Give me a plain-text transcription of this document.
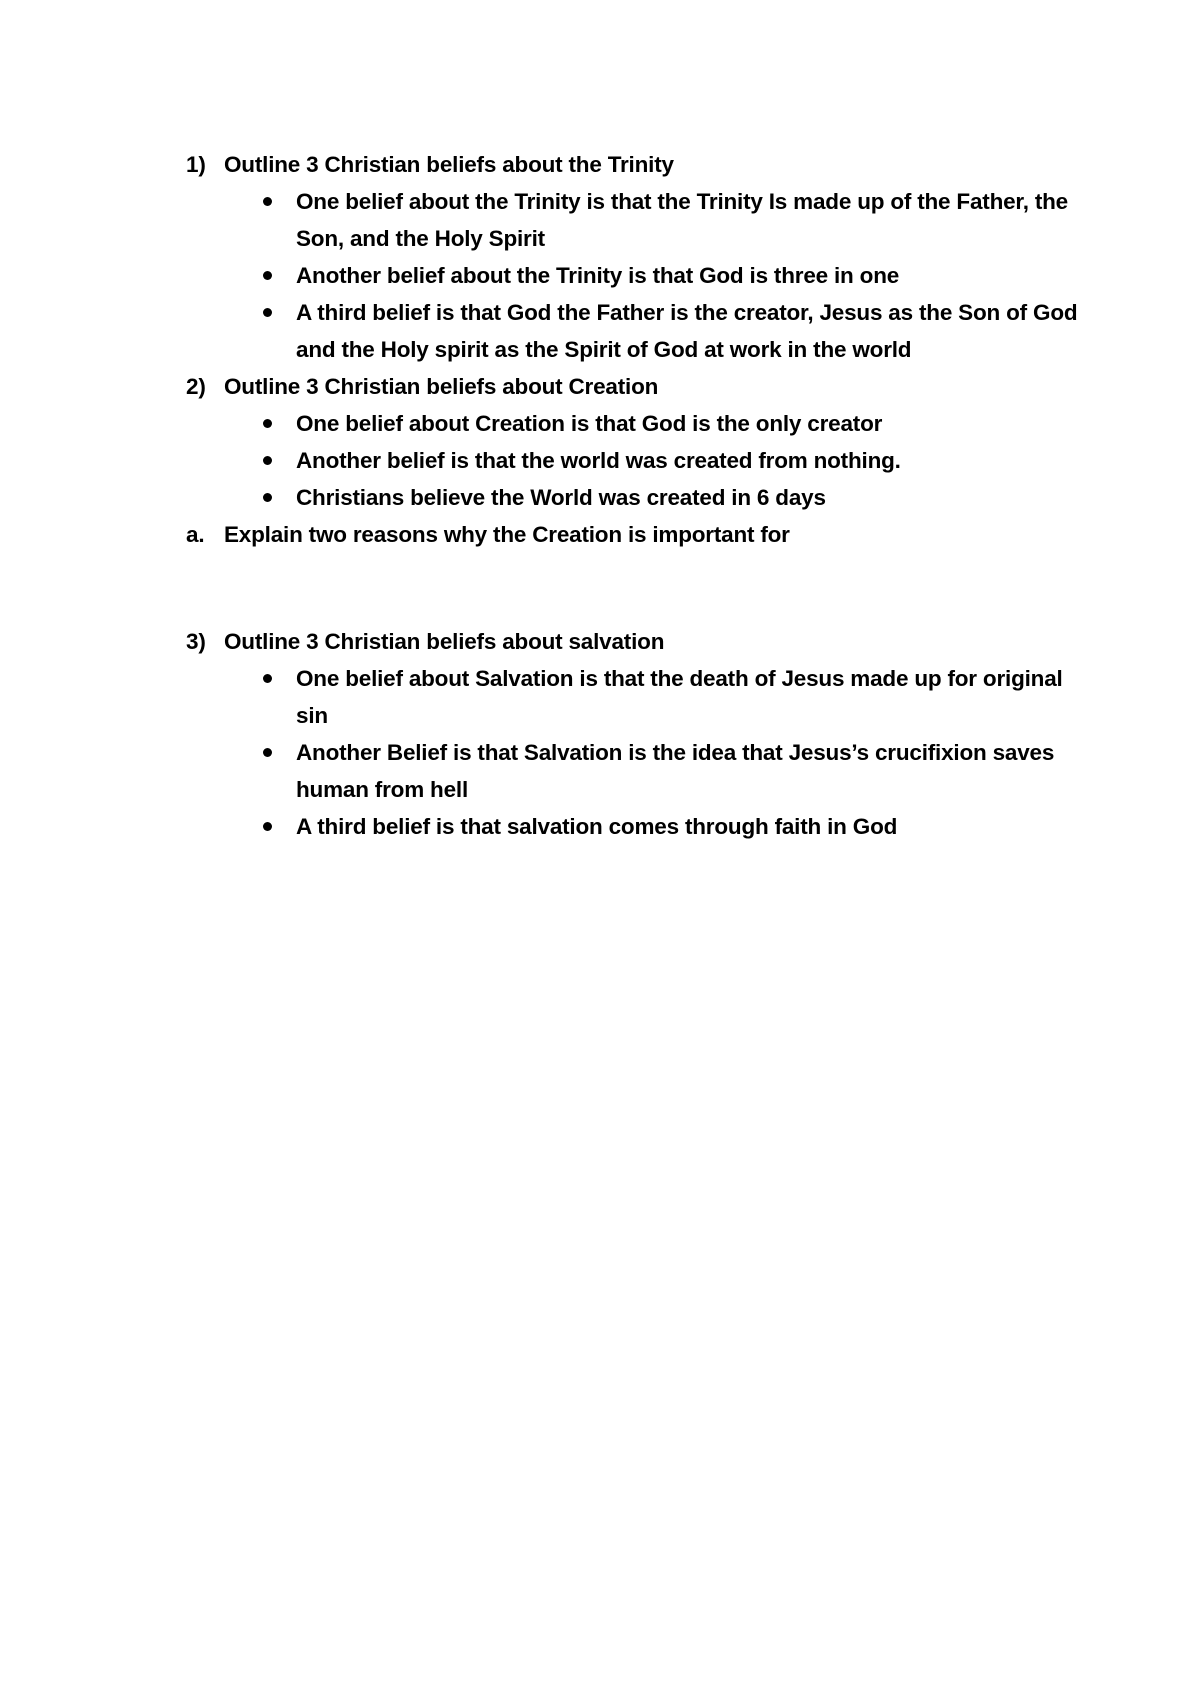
1) Outline 3 Christian beliefs about the Trinity
One belief about the Trinity is that the Trinity Is made up of the Father, the Son, and the Holy Spirit
Another belief about the Trinity is that God is three in one
A third belief is that God the Father is the creator, Jesus as the Son of God and the Holy spirit as the Spirit of God at work in the world
2) Outline 3 Christian beliefs about Creation
One belief about Creation is that God is the only creator
Another belief is that the world was created from nothing.
Christians believe the World was created in 6 days
a. Explain two reasons why the Creation is important for
3) Outline 3 Christian beliefs about salvation
One belief about Salvation is that the death of Jesus made up for original sin
Another Belief is that Salvation is the idea that Jesus’s crucifixion saves human from hell
A third belief is that salvation comes through faith in God
